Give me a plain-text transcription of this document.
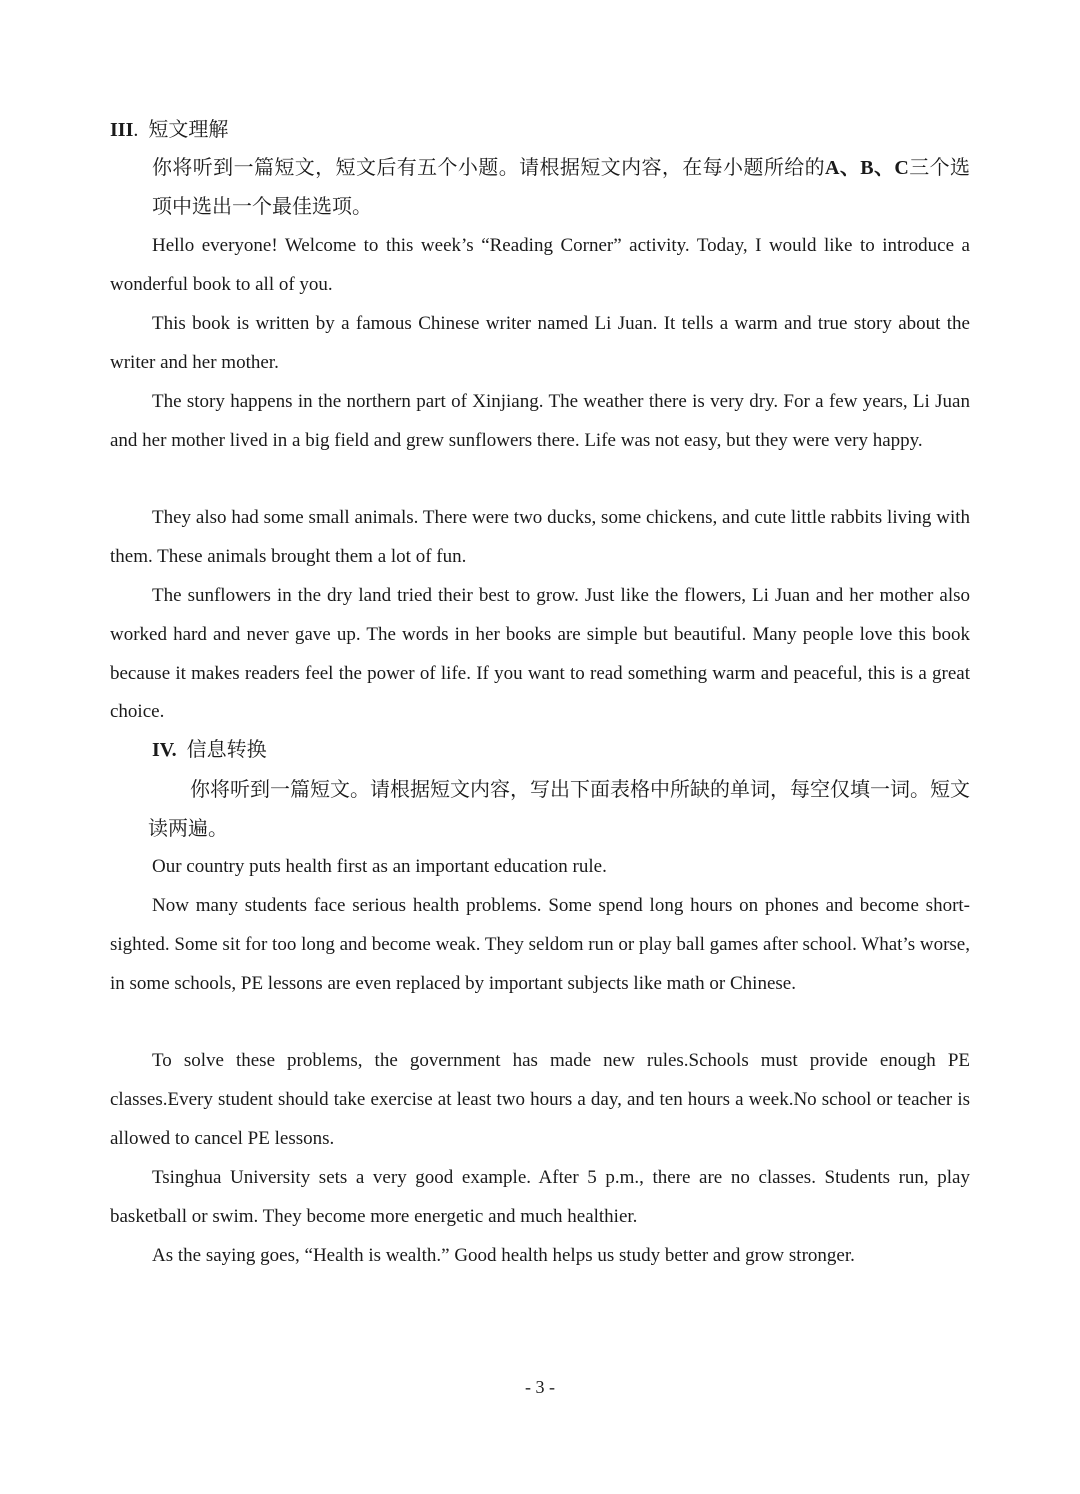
III. 短文理解
你将听到一篇短文，短文后有五个小题。请根据短文内容，在每小题所给的A、B、C三个选项中选出一个最佳选项。

Hello everyone! Welcome to this week’s “Reading Corner” activity. Today, I would like to introduce a wonderful book to all of you.

This book is written by a famous Chinese writer named Li Juan. It tells a warm and true story about the writer and her mother.

The story happens in the northern part of Xinjiang. The weather there is very dry. For a few years, Li Juan and her mother lived in a big field and grew sunflowers there. Life was not easy, but they were very happy.

They also had some small animals. There were two ducks, some chickens, and cute little rabbits living with them. These animals brought them a lot of fun.

The sunflowers in the dry land tried their best to grow. Just like the flowers, Li Juan and her mother also worked hard and never gave up. The words in her books are simple but beautiful. Many people love this book because it makes readers feel the power of life. If you want to read something warm and peaceful, this is a great choice.

IV. 信息转换
你将听到一篇短文。请根据短文内容，写出下面表格中所缺的单词，每空仅填一词。短文读两遍。

Our country puts health first as an important education rule.

Now many students face serious health problems. Some spend long hours on phones and become short-sighted. Some sit for too long and become weak. They seldom run or play ball games after school. What’s worse, in some schools, PE lessons are even replaced by important subjects like math or Chinese.

To solve these problems, the government has made new rules.Schools must provide enough PE classes.Every student should take exercise at least two hours a day, and ten hours a week.No school or teacher is allowed to cancel PE lessons.

Tsinghua University sets a very good example. After 5 p.m., there are no classes. Students run, play basketball or swim. They become more energetic and much healthier.

As the saying goes, “Health is wealth.” Good health helps us study better and grow stronger.

- 3 -
